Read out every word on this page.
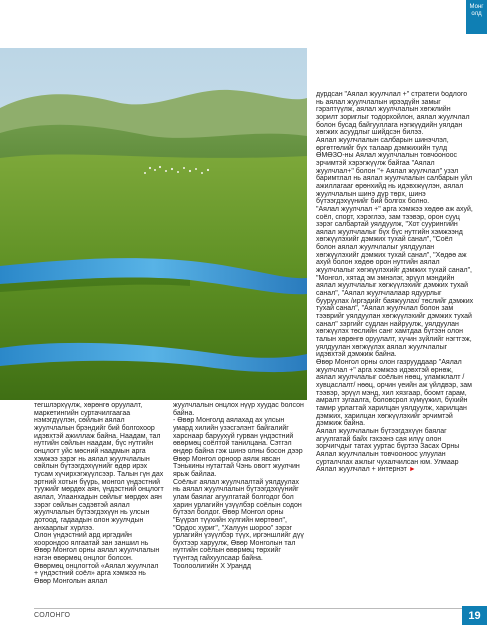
Монголд
тегшлэрхүүлж, хөрөнгө оруулалт, маркетингийн суртачилгаагаа нэмэгдүүлэн, сөйлын аялал жуулчлалын брэндийг бий болгохоор идэвхтэй ажиллаж байна. Наадам, тал нутгийн сөйлын наадам, бүс нутгийн онцлогт уйс мөсний наадмын арга хэмжээ зэрэг нь аялал жуулчлалын сөйлын бүтээгдэхүүнийг өдөр ирэх тусам хүчирхэгжүүлсээр. Талын гүн дах эртний хотын бүүрь, монгол үндэстний туужийг мөрдөх аян, үндэстний онцлогт аялал, Улаанхадын сөйлыг мөрдөх аян зэрэг сөйлын сэдэвтэй аялал жуулчлалын бүтээгдэхүүн нь улсын дотоод, гадаадын олон жуулчдын анхаарлыг хүрлээ.
Олон үндэстний ард иргэдийн хоорондоо ялгаатай зан заншил нь Өвөр Монгол орны аялал жуулчлалын нэгэн өвөрмөц онцлог болсон. Өвөрмөц онцлогтой «Аялал жуулчлал + үндэстний соёл» арга хэмжээ нь Өвөр Монголын аялал
жуулчлалын онцлох нүүр хуудас болсон байна.
- Өвөр Монголд аялахад ах улсын умард хилийн узэсгэлэнт байгалийг харснаар баруухүй гурван үндэстний өвөрмөц соёлтой танилцана. Сэтгэл өндөр байна гэж шинэ олны босон дээр Өвөр Монгол орноор аялж явсан Тэнькины нутагтай Чэнь овогт жуулчин ярьж байлаа.
Соёлыг аялал жуулчлалтай уялдуулах нь аялал жуулчлалын бүтээгдэхүүнийг улам баялаг агуулгатай болгодог бол харин урлагийн үзүүлбэр соёлын содон бүтээл болдог. Өвөр Монгол орны "Бүүрэл түүхийн хүлгийн мөртөөл", "Ордос хуриг", "Халуун шороо" зэрэг урлагийн үзүүлбэр түүх, иргэншлийг дүү бүхтээр харуулж, Өвөр Монголын тал нутгийн соёлын өвөрмөц төрхийг түүнтэд гайхуулсаар байна.
Тоолоолигийн Х Урандд
дурдсан "Аялал жуулчлал +" стратеги бодлого нь аялал жуулчлалын ирээдүйн замыг гэрэлтүүлж, аялал жуулчлалын хөгжлийн зорилт зориглыг тодорхойлон, аялал жуулчлал болон бусад байгууллага нэгжүүдийн уялдан хөгжих асуудлыг шийдсэн билээ.
Аялал жуулчлалын салбарын шинэчлэл, өргөтгөлийг бүх талаар дэмжихийн тулд ӨМӨЗО-ны Аялал жуулчлалын товчооноос эрчимтэй хэрэгжүүлж байгаа "Аялал жуулчлал+" болон "+ Аялал жуулчлал" узэл баримтлал нь аялал жуулчлалын салбарын уйл ажиллагааг өрөнхийд нь идэвхжүүлэн, аялал жуулчлалын шинэ дүр төрх, шинэ бүтээгдэхүүнийг бий болгох болно.
"Аялал жуулчлал +" арга хэмжээ хөдөө аж ахуй, соёл, спорт, хэрэглээ, зам тээвэр, орон сууц зэрэг салбартай уялдуулж, "Хот суурингийн аялал жуулчлалыг бүх бүс нутгийн хэмжээнд хөгжүүлэхийг дэмжих тухай санал", "Соёл болон аялал жуулчлалыг уялдуулан хөгжүүлэхийг дэмжих тухай санал", "Хөдөө аж ахуй болон хөдөө орон нутгийн аялал жуулчлалыг хөгжүүлэхийг дэмжих тухай санал", "Монгол, хятад эм эмнэлэг, эрүүл мэндийн аялал жуулчлалыг хөгжүүлэхийг дэмжих тухай санал", "Аялал жуулчлалаар ядуурлыг бууруулах /иргэдийг баяжуулах/ төслийг дэмжих тухай санал", "Аялал жуулчлал болон зам тээврийг уялдуулан хөгжүүлэхийг дэмжих тухай санал" зэргийг судлан найруулж, уялдуулан хөгжүүлэх төслийн санг хамтдаа бүтээн олон талын хөрөнгө оруулалт, хүчин зүйлийг нэгтгэж, уялдуулан хөгжүүлэх аялал жуулчлалыг идэвхтэй дэмжиж байна.
Өвөр Монгол орны олон газрууддаар "Аялал жуулчлал +" арга хэмжээ идэвхтэй өрнөж, аялал жуулчлалыг соёлын нөөц, уламжлалт /хувцаслалт/ нөөц, орчин үеийн аж үйлдвэр, зам тээвэр, эрүүл мэнд, хил хязгаар, боомт гарам, амралт зугаалга, боловсрол хүмүүжил, бүхийн тамир урлагтай харилцан уялдуулж, харилцан дэмжих, харилцан хөгжүүлэхийг эрчимтэй дэмжиж байна.
Аялал жуулчлалын бүтээгдэхүүн баялаг агуулгатай байх гэхээнэ сая илүү олон зорчигчдыг татах ууртас бүртээ Засах Орны Аялал жуулчлалын товчооноос улуулан сурталчлах ажлыг чухалчилсан юм. Улмаар Аялал жуулчлал + интернэт ►
СОЛОНГО	19
